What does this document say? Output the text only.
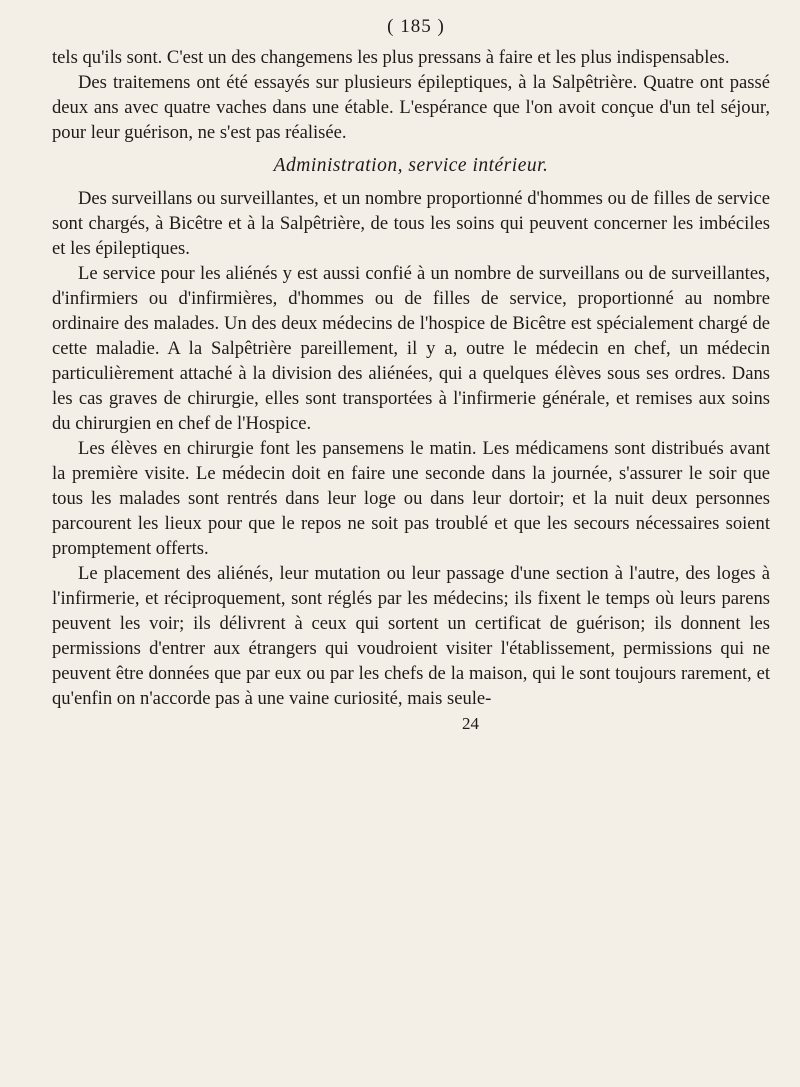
( 185 )

tels qu'ils sont. C'est un des changemens les plus pressans à faire et les plus indispensables.

Des traitemens ont été essayés sur plusieurs épileptiques, à la Salpêtrière. Quatre ont passé deux ans avec quatre vaches dans une étable. L'espérance que l'on avoit conçue d'un tel séjour, pour leur guérison, ne s'est pas réalisée.

Administration, service intérieur.

Des surveillans ou surveillantes, et un nombre proportionné d'hommes ou de filles de service sont chargés, à Bicêtre et à la Salpêtrière, de tous les soins qui peuvent concerner les imbéciles et les épileptiques.

Le service pour les aliénés y est aussi confié à un nombre de surveillans ou de surveillantes, d'infirmiers ou d'infirmières, d'hommes ou de filles de service, proportionné au nombre ordinaire des malades. Un des deux médecins de l'hospice de Bicêtre est spécialement chargé de cette maladie. A la Salpêtrière pareillement, il y a, outre le médecin en chef, un médecin particulièrement attaché à la division des aliénées, qui a quelques élèves sous ses ordres. Dans les cas graves de chirurgie, elles sont transportées à l'infirmerie générale, et remises aux soins du chirurgien en chef de l'Hospice.

Les élèves en chirurgie font les pansemens le matin. Les médicamens sont distribués avant la première visite. Le médecin doit en faire une seconde dans la journée, s'assurer le soir que tous les malades sont rentrés dans leur loge ou dans leur dortoir; et la nuit deux personnes parcourent les lieux pour que le repos ne soit pas troublé et que les secours nécessaires soient promptement offerts.

Le placement des aliénés, leur mutation ou leur passage d'une section à l'autre, des loges à l'infirmerie, et réciproquement, sont réglés par les médecins; ils fixent le temps où leurs parens peuvent les voir; ils délivrent à ceux qui sortent un certificat de guérison; ils donnent les permissions d'entrer aux étrangers qui voudroient visiter l'établissement, permissions qui ne peuvent être données que par eux ou par les chefs de la maison, qui le sont toujours rarement, et qu'enfin on n'accorde pas à une vaine curiosité, mais seule-

24
